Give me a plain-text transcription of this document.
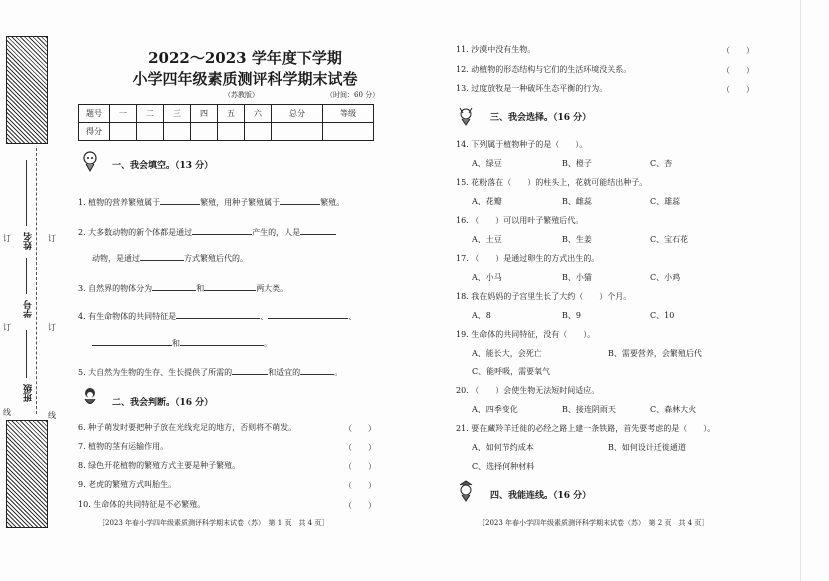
班级
学号
姓名 订
订
线
订
订
线
2022～2023 学年度下学期
小学四年级素质测评科学期末试卷
（苏教版）	（时间：60 分）
题号	一	二	三	四	五	六	总分	等级
得分								
一、我会填空。（13 分）
1. 植物的营养繁殖属于	繁殖，用种子繁殖属于	繁殖。
2. 大多数动物的新个体都是通过	产生的，人是
动物，是通过	方式繁殖后代的。
3. 自然界的物体分为	和	两大类。
4. 有生命物体的共同特征是	、	、
和	。
5. 大自然为生物的生存、生长提供了所需的	和适宜的	。
二、我会判断。（16 分）
6. 种子萌发时要把种子放在光线充足的地方，否则将不萌发。	（　　）
7. 植物的茎有运输作用。	（　　）
8. 绿色开花植物的繁殖方式主要是种子繁殖。	（　　）
9. 老虎的繁殖方式叫胎生。	（　　）
10. 生命体的共同特征是不必繁殖。	（　　）
［2023 年春小学四年级素质测评科学期末试卷（苏）　第 1 页　共 4 页］
11. 沙漠中没有生物。	（　　）
12. 动植物的形态结构与它们的生活环境没关系。	（　　）
13. 过度放牧是一种破坏生态平衡的行为。	（　　）
三、我会选择。（16 分）
14. 下列属于植物种子的是（　　）。
A、绿豆	B、橙子	C、杏
15. 花粉落在（　　）的柱头上，花就可能结出种子。
A、花瓣	B、雌蕊	C、雄蕊
16. （　　）可以用叶子繁殖后代。
A、土豆	B、生姜	C、宝石花
17. （　　）是通过卵生的方式出生的。
A、小马	B、小猫	C、小鸡
18. 我在妈妈的子宫里生长了大约（　　）个月。
A、8	B、9	C、10
19. 生命体的共同特征，没有（　　）。
A、能长大，会死亡	B、需要营养，会繁殖后代
C、能呼吸，需要氧气
20. （　　）会使生物无法短时间适应。
A、四季变化	B、接连阴雨天	C、森林大火
21. 要在藏羚羊迁徙的必经之路上建一条铁路，首先要考虑的是（　　）。
A、如何节约成本	B、如何设计迁徙通道
C、选择何种材料
四、我能连线。（16 分）
［2023 年春小学四年级素质测评科学期末试卷（苏）　第 2 页　共 4 页］
